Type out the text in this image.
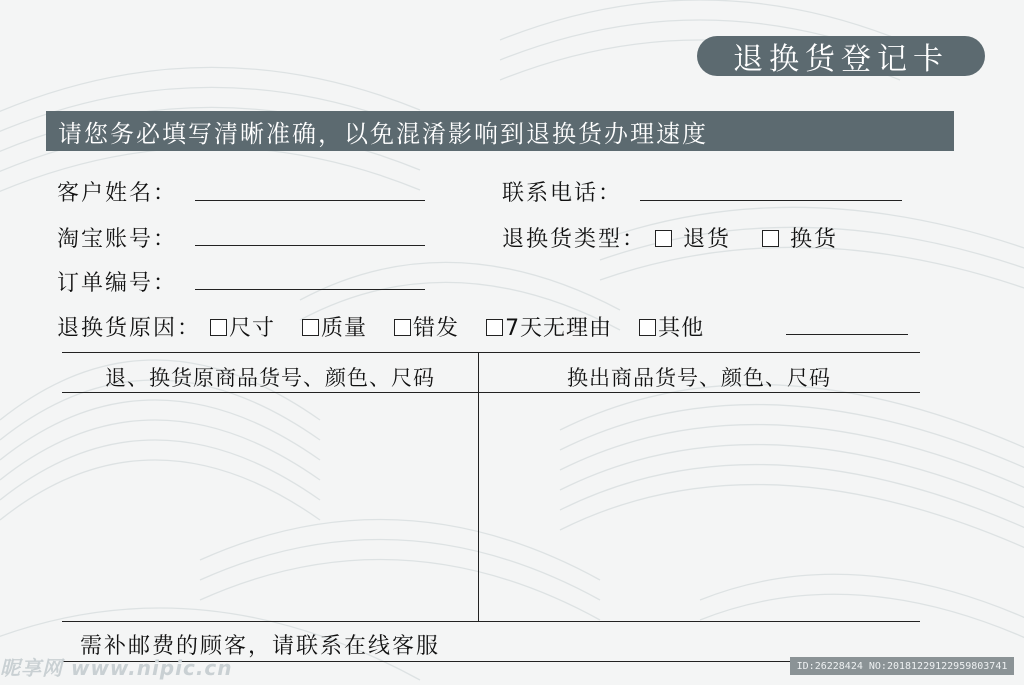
退换货登记卡
请您务必填写清晰准确，以免混淆影响到退换货办理速度
客户姓名：	联系电话：
淘宝账号：	退换货类型： 退货	换货
订单编号：
退换货原因： 尺寸 质量 错发 7天无理由 其他
退、换货原商品货号、颜色、尺码	换出商品货号、颜色、尺码
需补邮费的顾客，请联系在线客服
昵享网 www.nipic.cn	ID:26228424 NO:20181229122959803741
